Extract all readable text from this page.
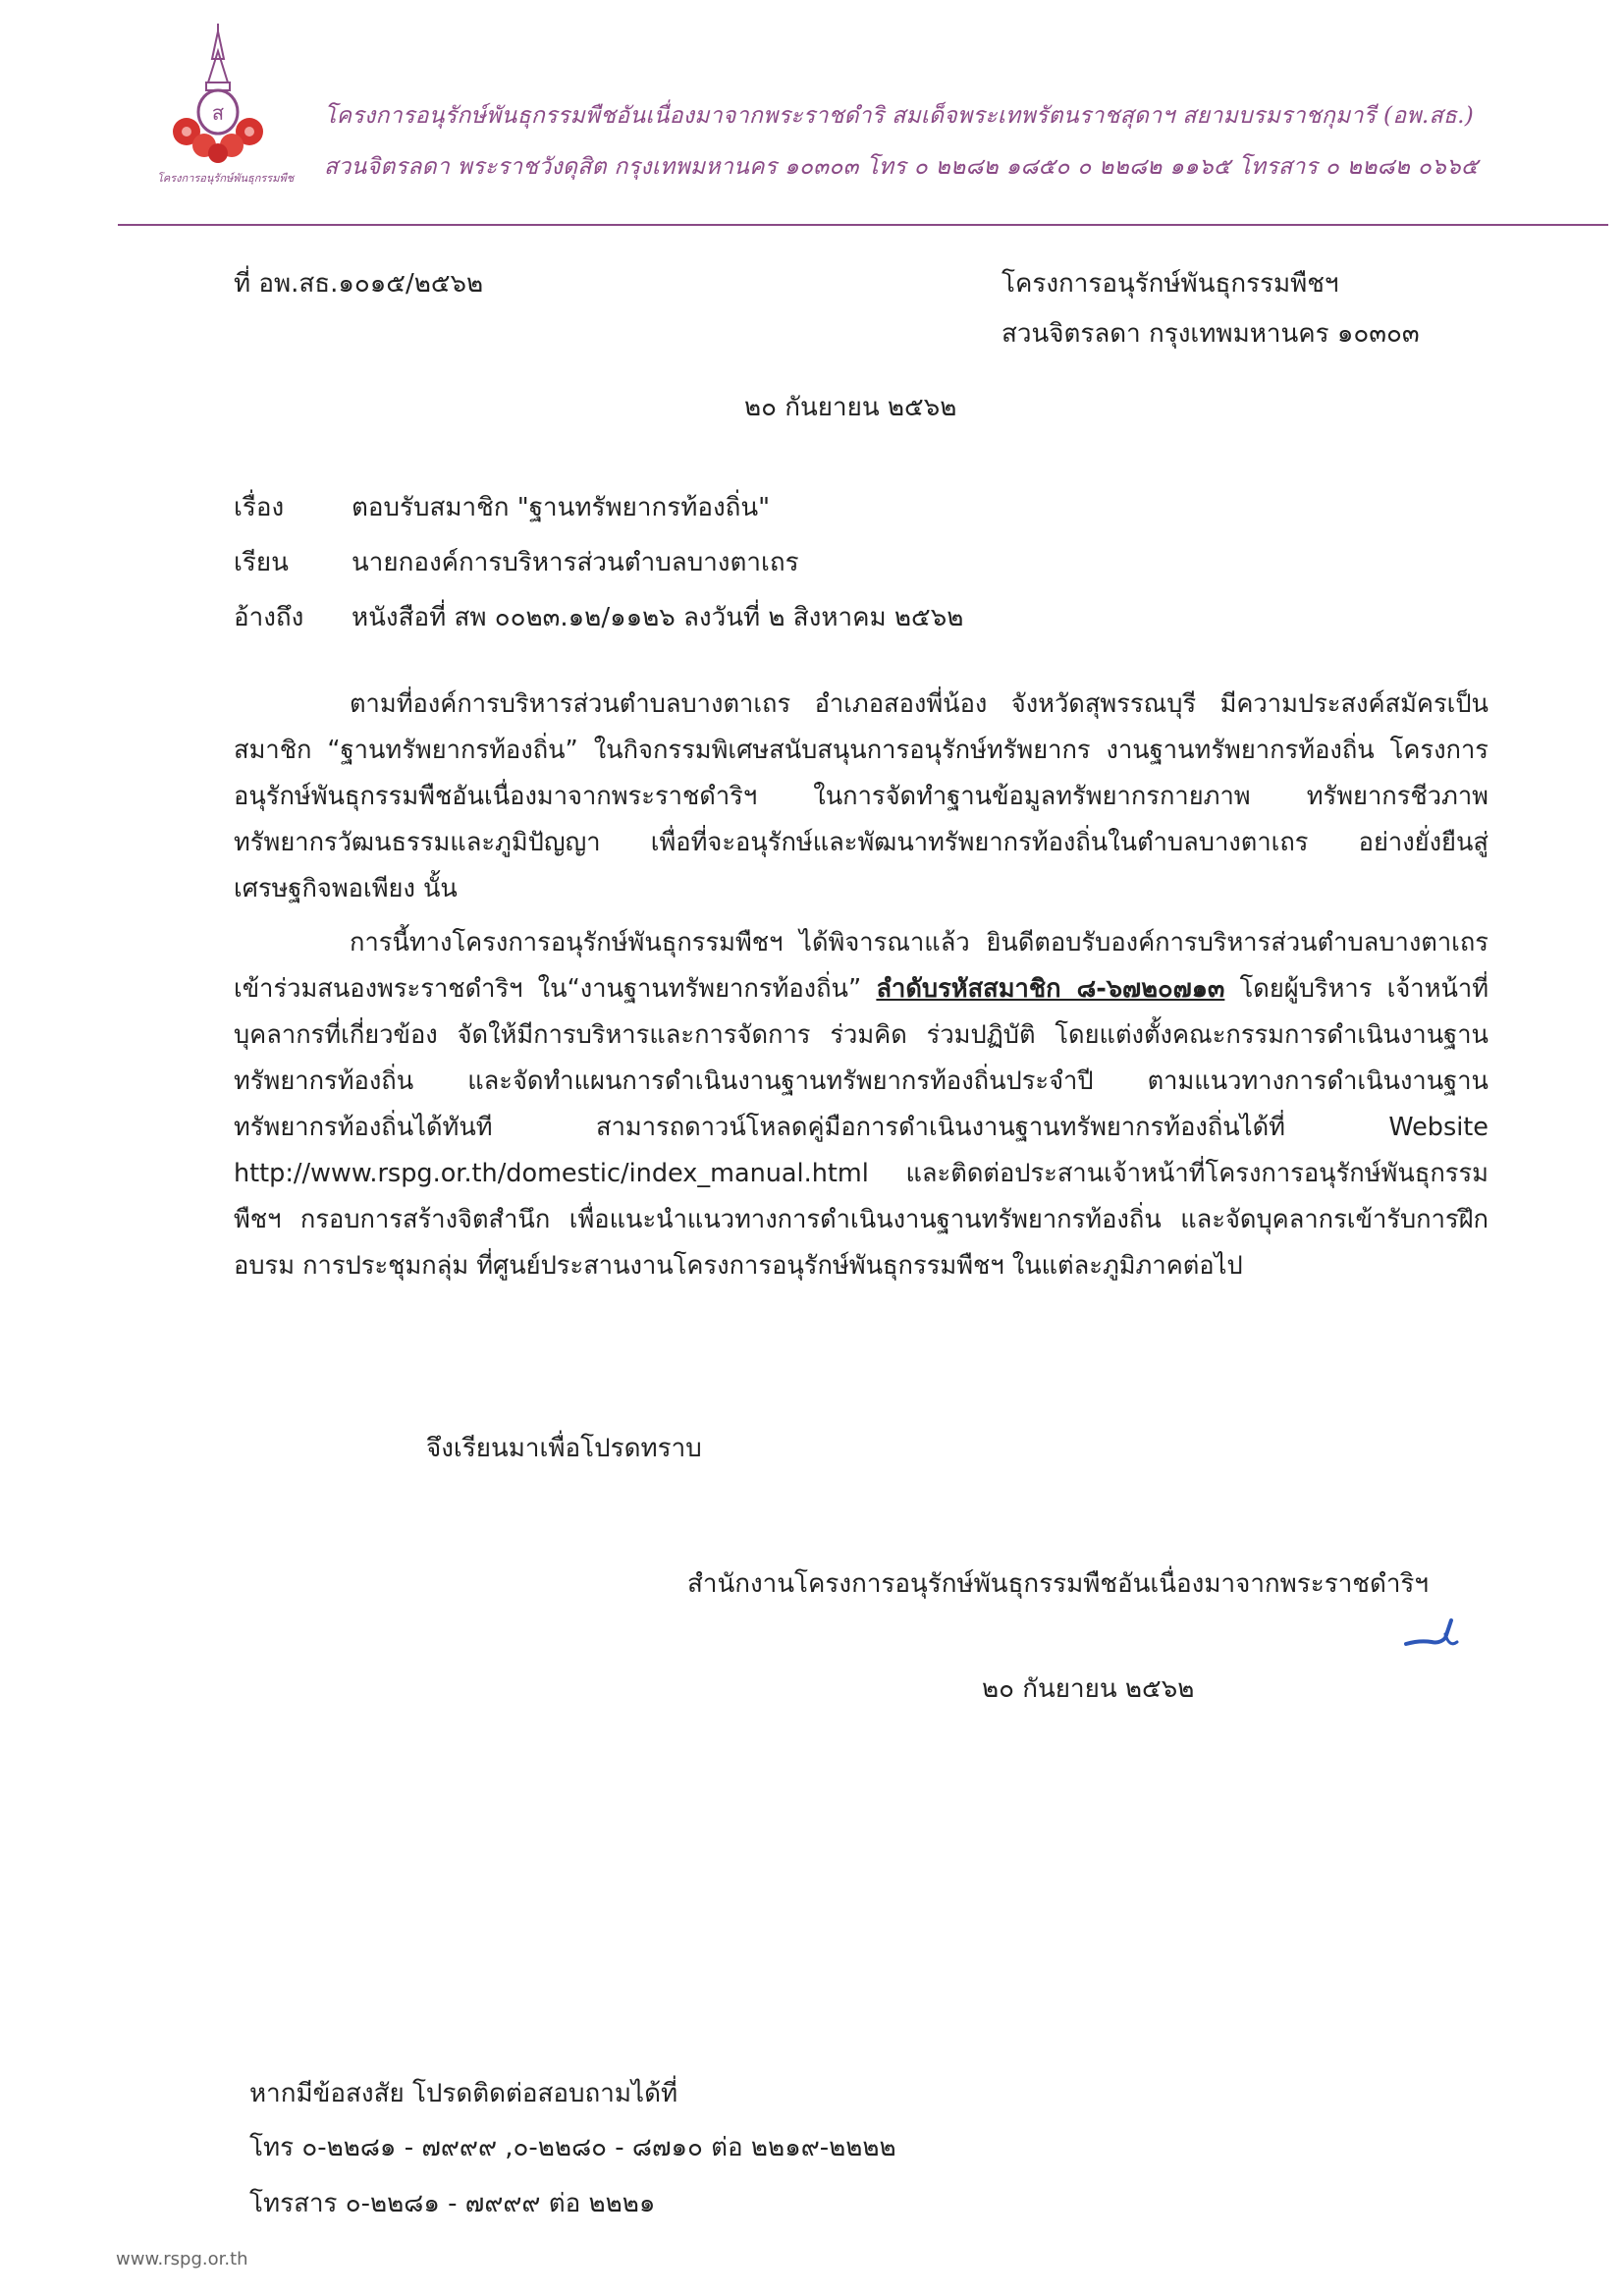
ส
โครงการอนุรักษ์พันธุกรรมพืช
โครงการอนุรักษ์พันธุกรรมพืชอันเนื่องมาจากพระราชดำริ สมเด็จพระเทพรัตนราชสุดาฯ สยามบรมราชกุมารี (อพ.สธ.)
สวนจิตรลดา พระราชวังดุสิต กรุงเทพมหานคร ๑๐๓๐๓ โทร ๐ ๒๒๘๒ ๑๘๕๐ ๐ ๒๒๘๒ ๑๑๖๕ โทรสาร ๐ ๒๒๘๒ ๐๖๖๕
ที่ อพ.สธ.๑๐๑๕/๒๕๖๒	โครงการอนุรักษ์พันธุกรรมพืชฯ
สวนจิตรลดา กรุงเทพมหานคร ๑๐๓๐๓
๒๐ กันยายน ๒๕๖๒
เรื่อง	ตอบรับสมาชิก "ฐานทรัพยากรท้องถิ่น"
เรียน นายกองค์การบริหารส่วนตำบลบางตาเถร
อ้างถึง หนังสือที่ สพ ๐๐๒๓.๑๒/๑๑๒๖ ลงวันที่ ๒ สิงหาคม ๒๕๖๒

ตามที่องค์การบริหารส่วนตำบลบางตาเถร อำเภอสองพี่น้อง จังหวัดสุพรรณบุรี มีความประสงค์สมัครเป็นสมาชิก “ฐานทรัพยากรท้องถิ่น” ในกิจกรรมพิเศษสนับสนุนการอนุรักษ์ทรัพยากร งานฐานทรัพยากรท้องถิ่น โครงการอนุรักษ์พันธุกรรมพืชอันเนื่องมาจากพระราชดำริฯ ในการจัดทำฐานข้อมูลทรัพยากรกายภาพ ทรัพยากรชีวภาพ ทรัพยากรวัฒนธรรมและภูมิปัญญา เพื่อที่จะอนุรักษ์และพัฒนาทรัพยากรท้องถิ่นในตำบลบางตาเถร อย่างยั่งยืนสู่เศรษฐกิจพอเพียง นั้น

การนี้ทางโครงการอนุรักษ์พันธุกรรมพืชฯ ได้พิจารณาแล้ว ยินดีตอบรับองค์การบริหารส่วนตำบลบางตาเถร เข้าร่วมสนองพระราชดำริฯ ใน“งานฐานทรัพยากรท้องถิ่น” ลำดับรหัสสมาชิก ๘-๖๗๒๐๗๑๓ โดยผู้บริหาร เจ้าหน้าที่ บุคลากรที่เกี่ยวข้อง จัดให้มีการบริหารและการจัดการ ร่วมคิด ร่วมปฏิบัติ โดยแต่งตั้งคณะกรรมการดำเนินงานฐานทรัพยากรท้องถิ่น และจัดทำแผนการดำเนินงานฐานทรัพยากรท้องถิ่นประจำปี ตามแนวทางการดำเนินงานฐานทรัพยากรท้องถิ่นได้ทันที สามารถดาวน์โหลดคู่มือการดำเนินงานฐานทรัพยากรท้องถิ่นได้ที่ Website http://www.rspg.or.th/domestic/index_manual.html และติดต่อประสานเจ้าหน้าที่โครงการอนุรักษ์พันธุกรรมพืชฯ กรอบการสร้างจิตสำนึก เพื่อแนะนำแนวทางการดำเนินงานฐานทรัพยากรท้องถิ่น และจัดบุคลากรเข้ารับการฝึกอบรม การประชุมกลุ่ม ที่ศูนย์ประสานงานโครงการอนุรักษ์พันธุกรรมพืชฯ ในแต่ละภูมิภาคต่อไป

จึงเรียนมาเพื่อโปรดทราบ
สำนักงานโครงการอนุรักษ์พันธุกรรมพืชอันเนื่องมาจากพระราชดำริฯ
๒๐ กันยายน ๒๕๖๒
หากมีข้อสงสัย โปรดติดต่อสอบถามได้ที่
โทร ๐-๒๒๘๑ - ๗๙๙๙ ,๐-๒๒๘๐ - ๘๗๑๐ ต่อ ๒๒๑๙-๒๒๒๒
โทรสาร ๐-๒๒๘๑ - ๗๙๙๙ ต่อ ๒๒๒๑
www.rspg.or.th
